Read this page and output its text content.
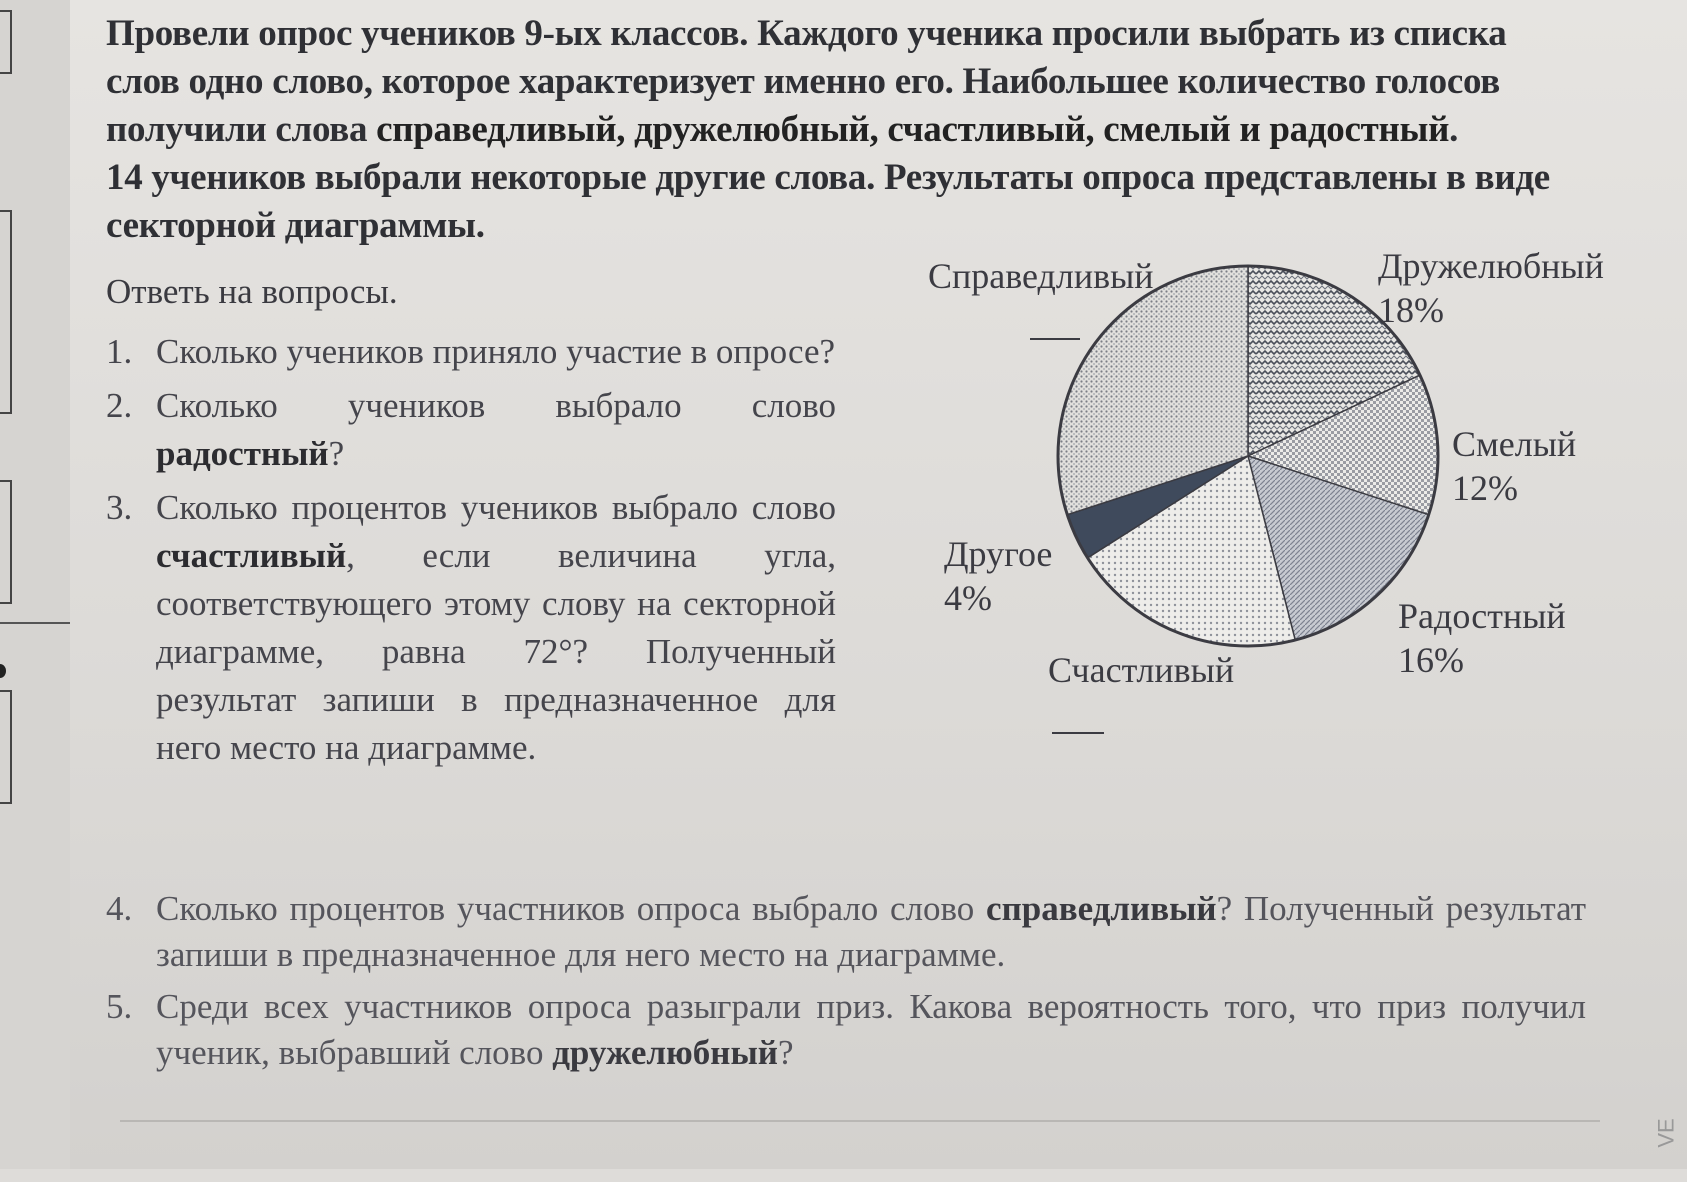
Провели опрос учеников 9-ых классов. Каждого ученика просили выбрать из списка

слов одно слово, которое характеризует именно его. Наибольшее количество голосов

получили слова справедливый, дружелюбный, счастливый, смелый и радостный.

14 учеников выбрали некоторые другие слова. Результаты опроса представлены в виде

секторной диаграммы.

Ответь на вопросы.
1. Сколько учеников приняло участие в опросе?
2. Сколько учеников выбрало слово радостный?
3. Сколько процентов учеников выбрало слово счастливый, если величина угла, соответствующего этому слову на секторной диаграмме, равна 72°? Полученный результат запиши в предназначенное для него место на диаграмме.
4. Сколько процентов участников опроса выбрало слово справедливый? Полученный результат запиши в предназначенное для него место на диаграмме.
5. Среди всех участников опроса разыграли приз. Какова вероятность того, что приз получил ученик, выбравший слово дружелюбный?
Справедливый	Дружелюбный
18%
Смелый
12%
Радостный
16%
Счастливый
Другое
4%
VE
